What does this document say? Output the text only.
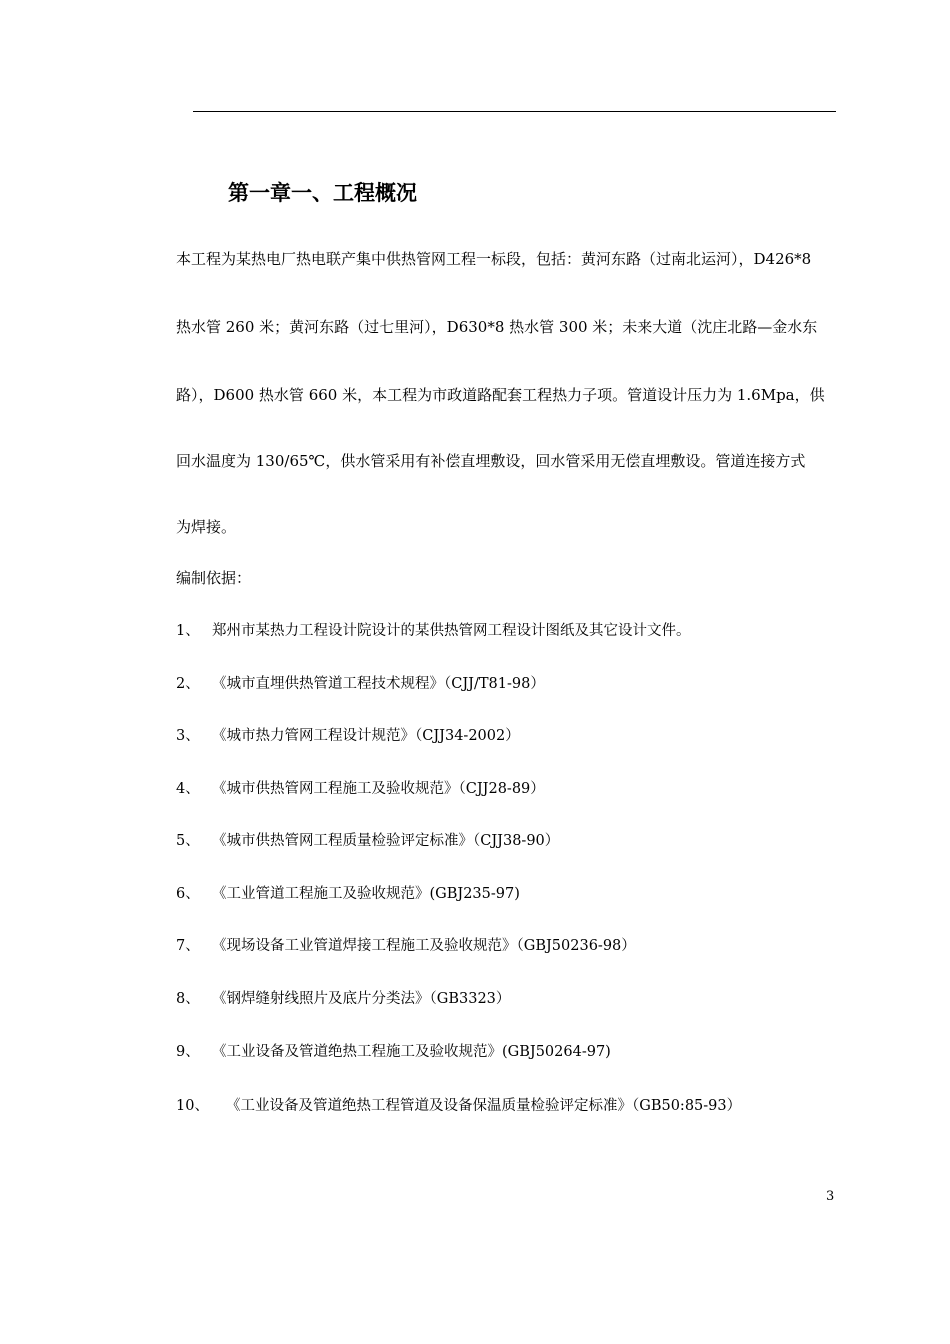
第一章一、工程概况
本工程为某热电厂热电联产集中供热管网工程一标段，包括：黄河东路（过南北运河），D426*8
热水管 260 米；黄河东路（过七里河），D630*8 热水管 300 米；未来大道（沈庄北路—金水东
路），D600 热水管 660 米，本工程为市政道路配套工程热力子项。管道设计压力为 1.6Mpa，供
回水温度为 130/65℃，供水管采用有补偿直埋敷设，回水管采用无偿直埋敷设。管道连接方式
为焊接。
编制依据：
1、 郑州市某热力工程设计院设计的某供热管网工程设计图纸及其它设计文件。
2、 《城市直埋供热管道工程技术规程》（CJJ/T81-98）
3、 《城市热力管网工程设计规范》（CJJ34-2002）
4、 《城市供热管网工程施工及验收规范》（CJJ28-89）
5、 《城市供热管网工程质量检验评定标准》（CJJ38-90）
6、 《工业管道工程施工及验收规范》(GBJ235-97)
7、 《现场设备工业管道焊接工程施工及验收规范》（GBJ50236-98）
8、 《钢焊缝射线照片及底片分类法》（GB3323）
9、 《工业设备及管道绝热工程施工及验收规范》(GBJ50264-97)
10、 《工业设备及管道绝热工程管道及设备保温质量检验评定标准》（GB50:85-93）
3
